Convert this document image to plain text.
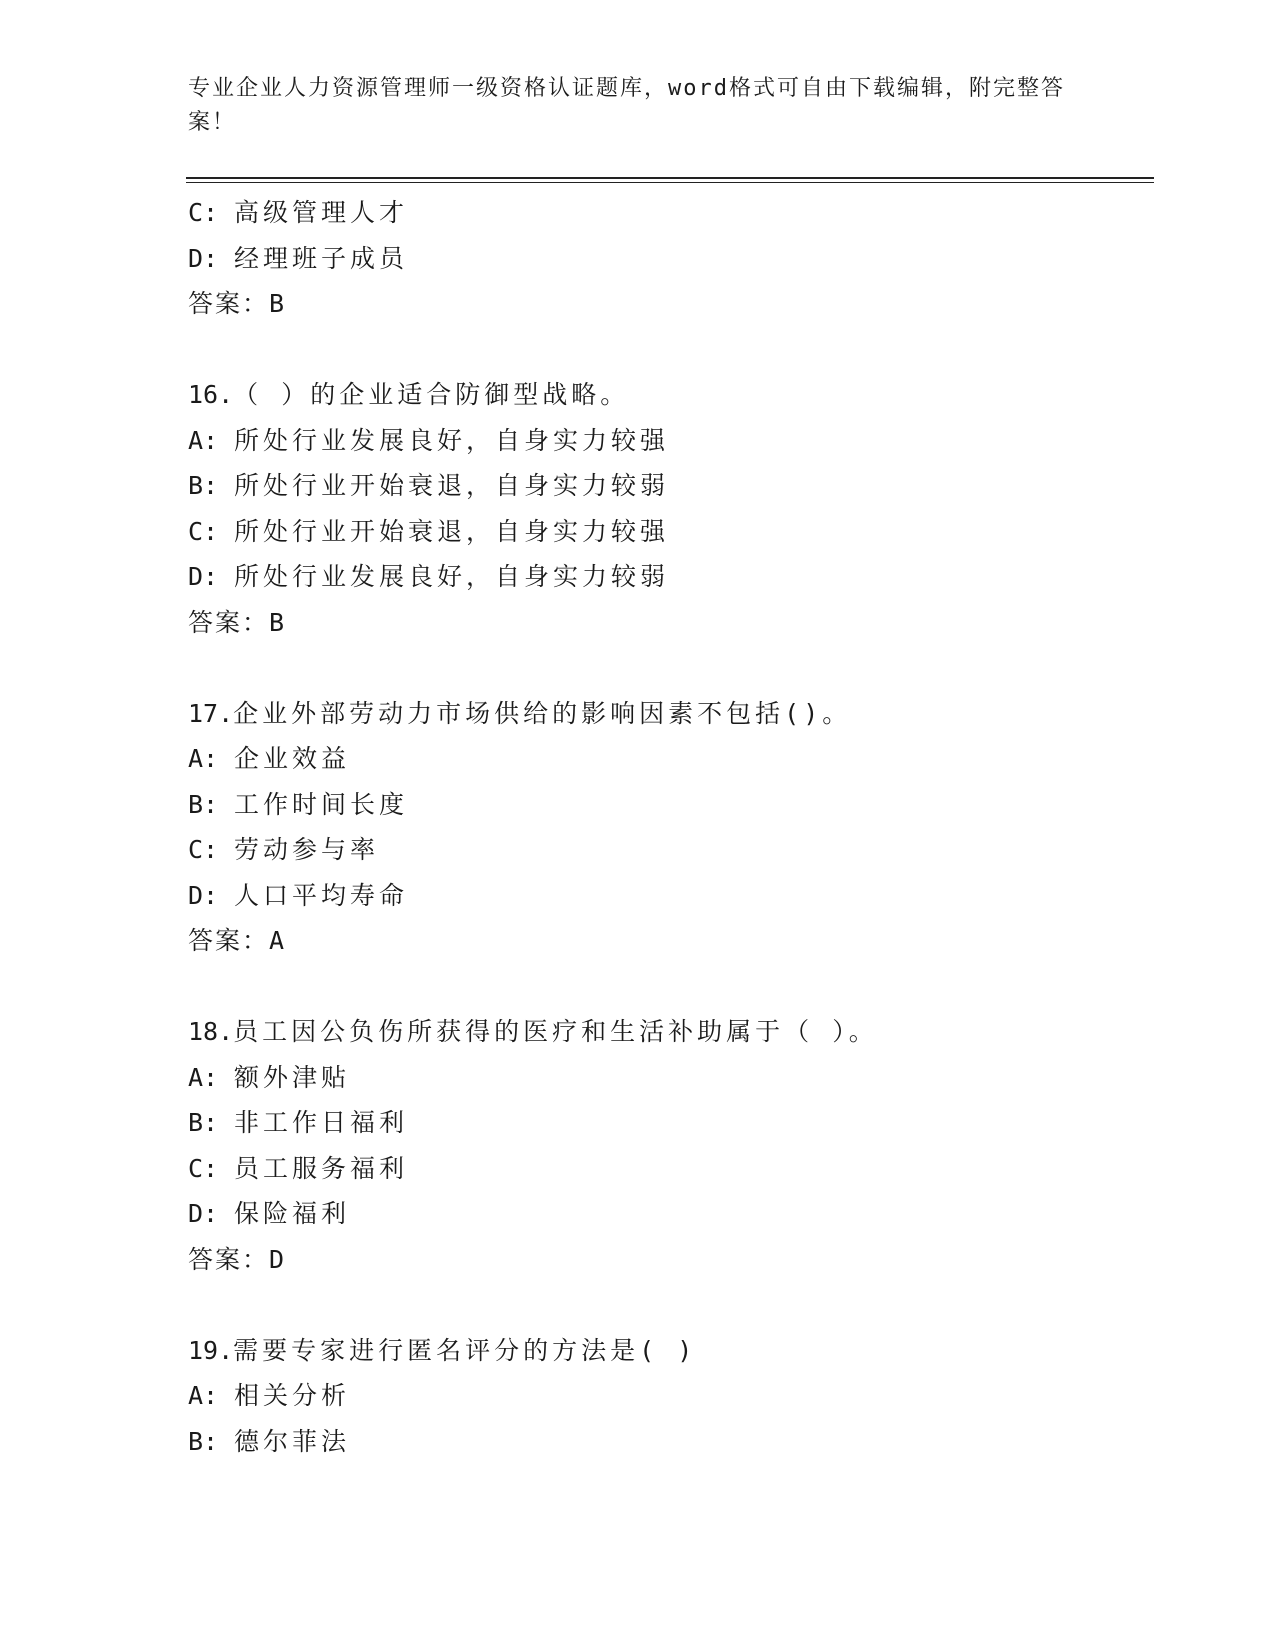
专业企业人力资源管理师一级资格认证题库，word格式可自由下载编辑，附完整答案！
C: 高级管理人才
D: 经理班子成员
答案：B
16.（ ）的企业适合防御型战略。
A: 所处行业发展良好，自身实力较强
B: 所处行业开始衰退，自身实力较弱
C: 所处行业开始衰退，自身实力较强
D: 所处行业发展良好，自身实力较弱
答案：B
17.企业外部劳动力市场供给的影响因素不包括()。
A: 企业效益
B: 工作时间长度
C: 劳动参与率
D: 人口平均寿命
答案：A
18.员工因公负伤所获得的医疗和生活补助属于（ ）。
A: 额外津贴
B: 非工作日福利
C: 员工服务福利
D: 保险福利
答案：D
19.需要专家进行匿名评分的方法是( )
A: 相关分析
B: 德尔菲法
